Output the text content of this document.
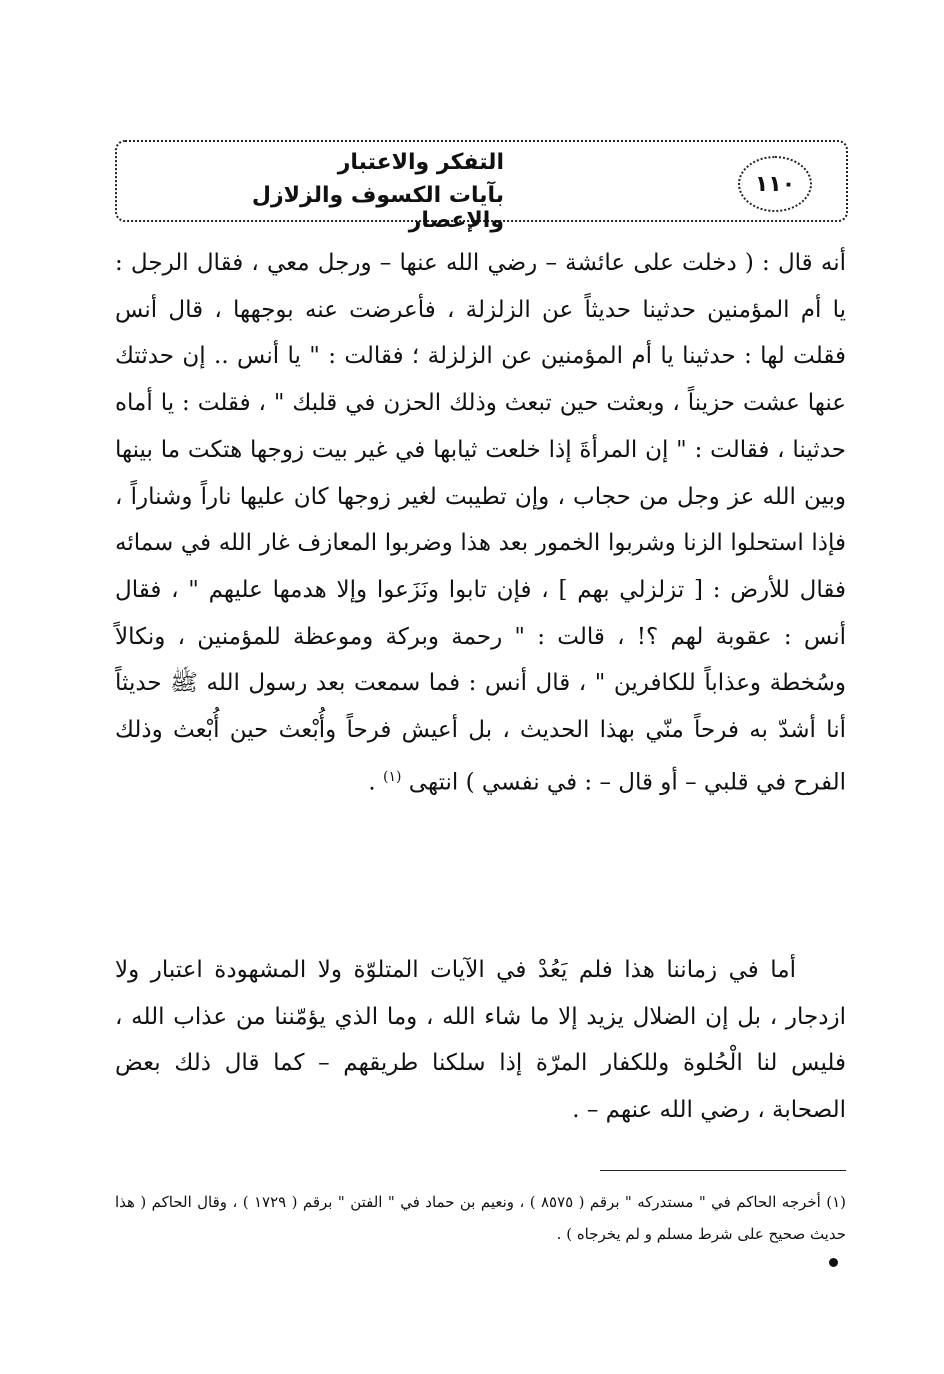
١١٠
التفكر والاعتبار
بآيات الكسوف والزلازل والإعصار

أنه قال : ( دخلت على عائشة – رضي الله عنها – ورجل معي ، فقال الرجل : يا أم المؤمنين حدثينا حديثاً عن الزلزلة ، فأعرضت عنه بوجهها ، قال أنس فقلت لها : حدثينا يا أم المؤمنين عن الزلزلة ؛ فقالت : " يا أنس .. إن حدثتك عنها عشت حزيناً ، وبعثت حين تبعث وذلك الحزن في قلبك " ، فقلت : يا أماه حدثينا ، فقالت : " إن المرأةَ إذا خلعت ثيابها في غير بيت زوجها هتكت ما بينها وبين الله عز وجل من حجاب ، وإن تطيبت لغير زوجها كان عليها ناراً وشناراً ، فإذا استحلوا الزنا وشربوا الخمور بعد هذا وضربوا المعازف غار الله في سمائه فقال للأرض : [ تزلزلي بهم ] ، فإن تابوا ونَزَعوا وإلا هدمها عليهم " ، فقال أنس : عقوبة لهم ؟! ، قالت : " رحمة وبركة وموعظة للمؤمنين ، ونكالاً وسُخطة وعذاباً للكافرين " ، قال أنس : فما سمعت بعد رسول الله ﷺ حديثاً أنا أشدّ به فرحاً منّي بهذا الحديث ، بل أعيش فرحاً وأُبْعث حين أُبْعث وذلك الفرح في قلبي – أو قال – : في نفسي ) انتهى $^{(١)}$ .

أما في زماننا هذا فلم يَعُدْ في الآيات المتلوّة ولا المشهودة اعتبار ولا ازدجار ، بل إن الضلال يزيد إلا ما شاء الله ، وما الذي يؤمّننا من عذاب الله ، فليس لنا الْحُلوة وللكفار المرّة إذا سلكنا طريقهم – كما قال ذلك بعض الصحابة ، رضي الله عنهم – .

(١) أخرجه الحاكم في " مستدركه " برقم ( ٨٥٧٥ ) ، ونعيم بن حماد في " الفتن " برقم ( ١٧٢٩ ) ، وقال الحاكم ( هذا حديث صحيح على شرط مسلم و لم يخرجاه ) .
